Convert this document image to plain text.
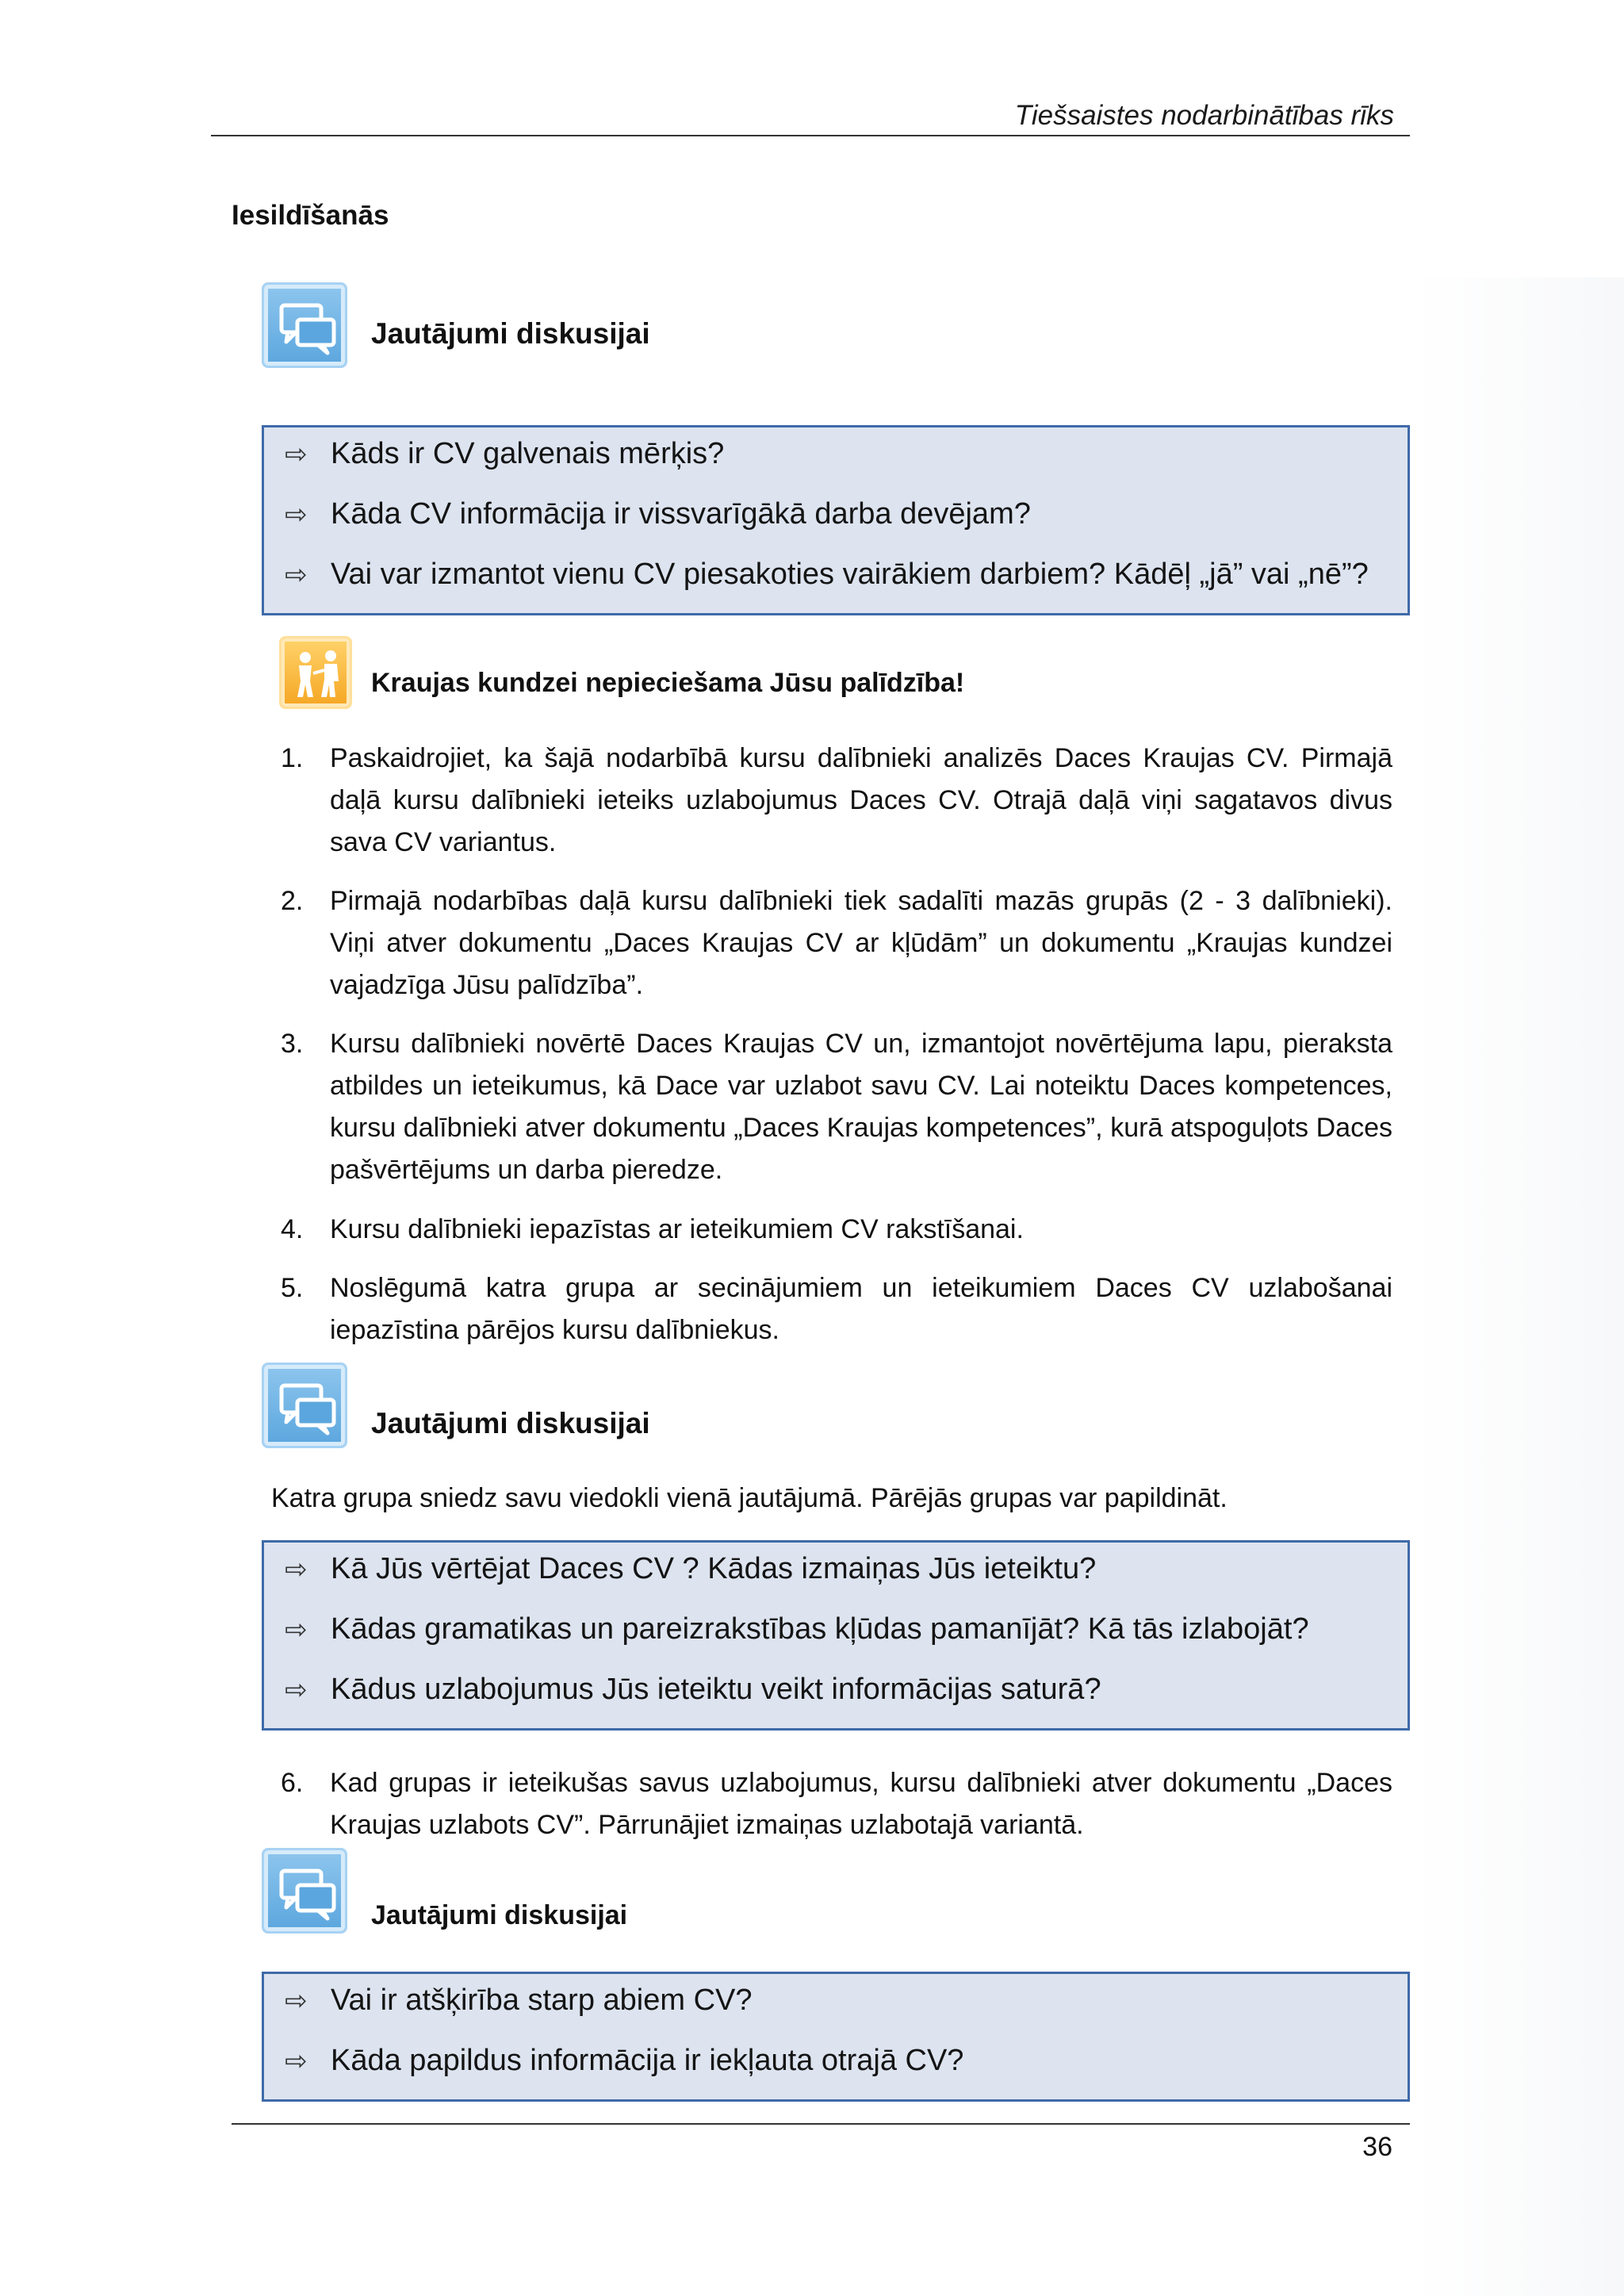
Tiešsaistes nodarbinātības rīks
Iesildīšanās
Jautājumi diskusijai
⇨ Kāds ir CV galvenais mērķis?
⇨ Kāda CV informācija ir vissvarīgākā darba devējam?
⇨ Vai var izmantot vienu CV piesakoties vairākiem darbiem? Kādēļ „jā” vai „nē”?
Kraujas kundzei nepieciešama Jūsu palīdzība!
1. Paskaidrojiet, ka šajā nodarbībā kursu dalībnieki analizēs Daces Kraujas CV. Pirmajā daļā kursu dalībnieki ieteiks uzlabojumus Daces CV. Otrajā daļā viņi sagatavos divus sava CV variantus.
2. Pirmajā nodarbības daļā kursu dalībnieki tiek sadalīti mazās grupās (2 - 3 dalībnieki). Viņi atver dokumentu „Daces Kraujas CV ar kļūdām” un dokumentu „Kraujas kundzei vajadzīga Jūsu palīdzība”.
3. Kursu dalībnieki novērtē Daces Kraujas CV un, izmantojot novērtējuma lapu, pieraksta atbildes un ieteikumus, kā Dace var uzlabot savu CV. Lai noteiktu Daces kompetences, kursu dalībnieki atver dokumentu „Daces Kraujas kompetences”, kurā atspoguļots Daces pašvērtējums un darba pieredze.
4. Kursu dalībnieki iepazīstas ar ieteikumiem CV rakstīšanai.
5. Noslēgumā katra grupa ar secinājumiem un ieteikumiem Daces CV uzlabošanai iepazīstina pārējos kursu dalībniekus.
Jautājumi diskusijai
Katra grupa sniedz savu viedokli vienā jautājumā. Pārējās grupas var papildināt.
⇨ Kā Jūs vērtējat Daces CV ? Kādas izmaiņas Jūs ieteiktu?
⇨ Kādas gramatikas un pareizrakstības kļūdas pamanījāt? Kā tās izlabojāt?
⇨ Kādus uzlabojumus Jūs ieteiktu veikt informācijas saturā?
6. Kad grupas ir ieteikušas savus uzlabojumus, kursu dalībnieki atver dokumentu „Daces Kraujas uzlabots CV”. Pārrunājiet izmaiņas uzlabotajā variantā.
Jautājumi diskusijai
⇨ Vai ir atšķirība starp abiem CV?
⇨ Kāda papildus informācija ir iekļauta otrajā CV?
36
